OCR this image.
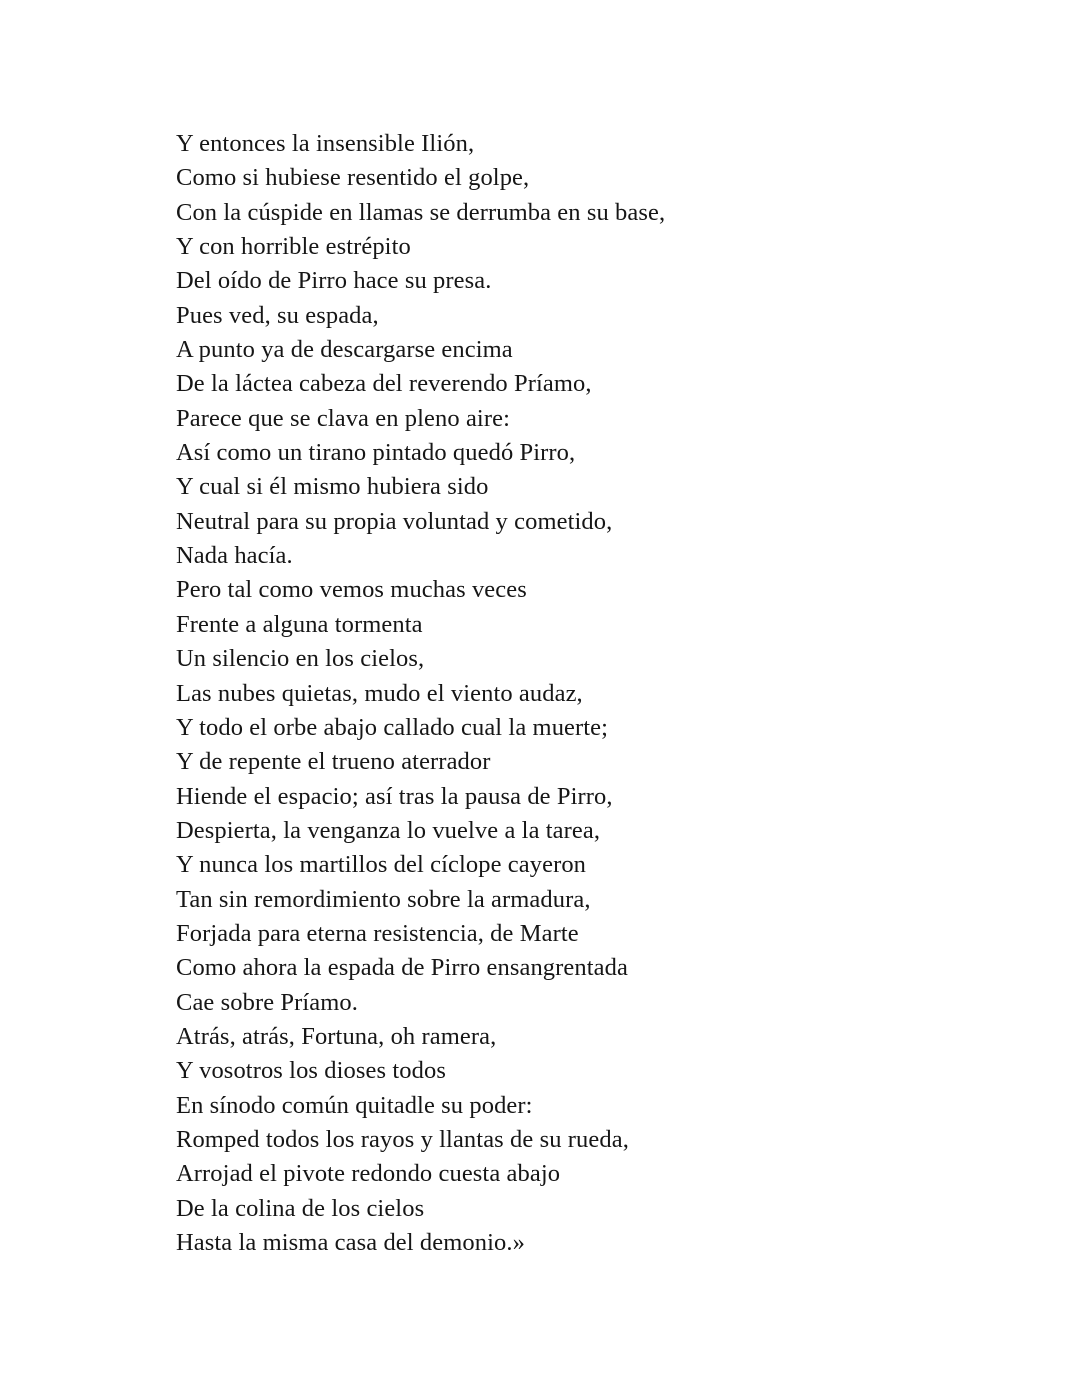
Y entonces la insensible Ilión,
Como si hubiese resentido el golpe,
Con la cúspide en llamas se derrumba en su base,
Y con horrible estrépito
Del oído de Pirro hace su presa.
Pues ved, su espada,
A punto ya de descargarse encima
De la láctea cabeza del reverendo Príamo,
Parece que se clava en pleno aire:
Así como un tirano pintado quedó Pirro,
Y cual si él mismo hubiera sido
Neutral para su propia voluntad y cometido,
Nada hacía.
Pero tal como vemos muchas veces
Frente a alguna tormenta
Un silencio en los cielos,
Las nubes quietas, mudo el viento audaz,
Y todo el orbe abajo callado cual la muerte;
Y de repente el trueno aterrador
Hiende el espacio; así tras la pausa de Pirro,
Despierta, la venganza lo vuelve a la tarea,
Y nunca los martillos del cíclope cayeron
Tan sin remordimiento sobre la armadura,
Forjada para eterna resistencia, de Marte
Como ahora la espada de Pirro ensangrentada
Cae sobre Príamo.
Atrás, atrás, Fortuna, oh ramera,
Y vosotros los dioses todos
En sínodo común quitadle su poder:
Romped todos los rayos y llantas de su rueda,
Arrojad el pivote redondo cuesta abajo
De la colina de los cielos
Hasta la misma casa del demonio.»
